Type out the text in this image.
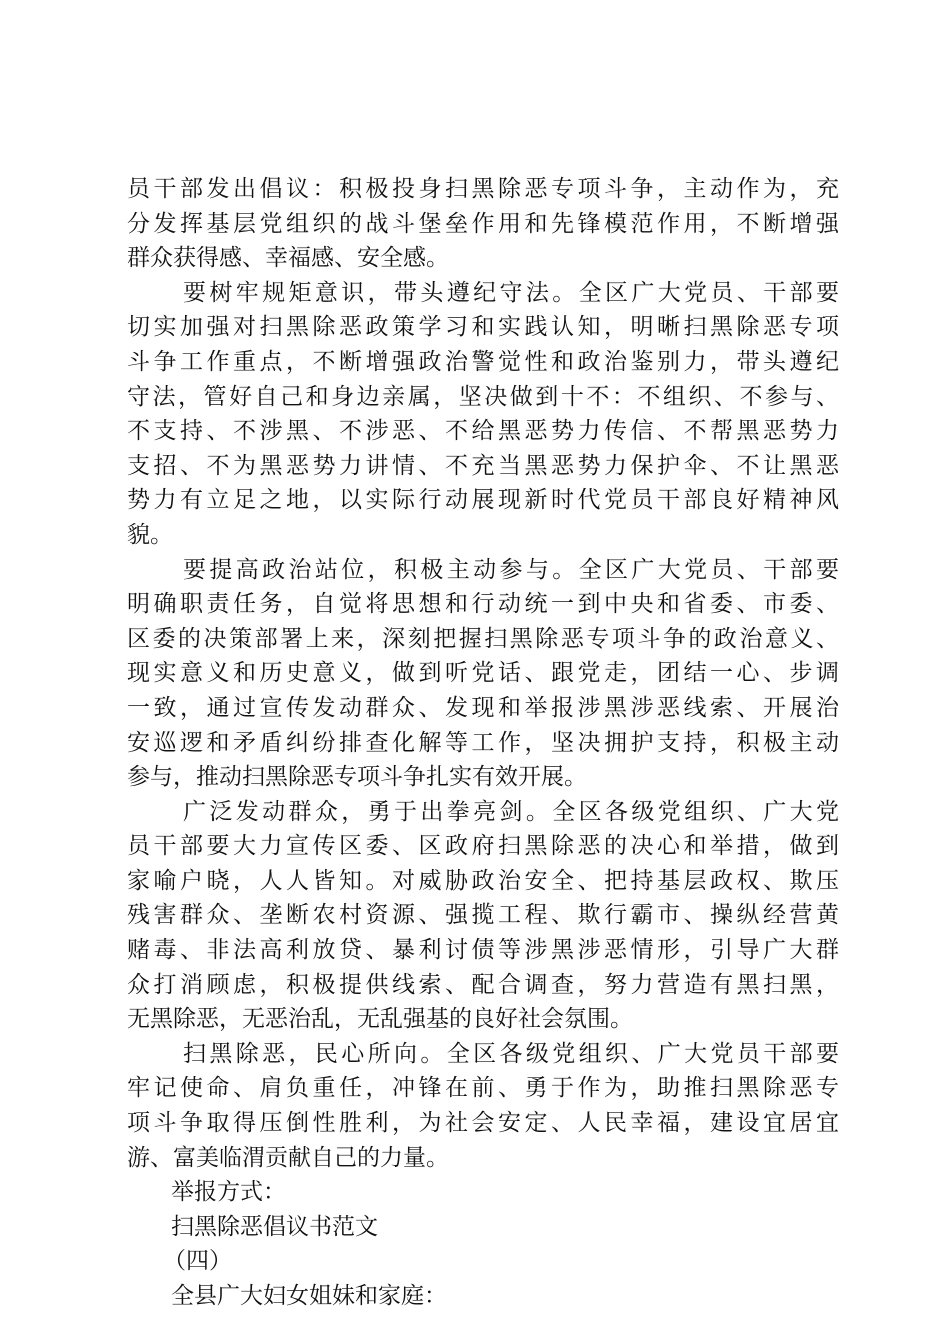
员干部发出倡议：积极投身扫黑除恶专项斗争，主动作为，充
分发挥基层党组织的战斗堡垒作用和先锋模范作用，不断增强
群众获得感、幸福感、安全感。
要树牢规矩意识，带头遵纪守法。全区广大党员、干部要
切实加强对扫黑除恶政策学习和实践认知，明晰扫黑除恶专项
斗争工作重点，不断增强政治警觉性和政治鉴别力，带头遵纪
守法，管好自己和身边亲属，坚决做到十不：不组织、不参与、
不支持、不涉黑、不涉恶、不给黑恶势力传信、不帮黑恶势力
支招、不为黑恶势力讲情、不充当黑恶势力保护伞、不让黑恶
势力有立足之地，以实际行动展现新时代党员干部良好精神风
貌。
要提高政治站位，积极主动参与。全区广大党员、干部要
明确职责任务，自觉将思想和行动统一到中央和省委、市委、
区委的决策部署上来，深刻把握扫黑除恶专项斗争的政治意义、
现实意义和历史意义，做到听党话、跟党走，团结一心、步调
一致，通过宣传发动群众、发现和举报涉黑涉恶线索、开展治
安巡逻和矛盾纠纷排查化解等工作，坚决拥护支持，积极主动
参与，推动扫黑除恶专项斗争扎实有效开展。
广泛发动群众，勇于出拳亮剑。全区各级党组织、广大党
员干部要大力宣传区委、区政府扫黑除恶的决心和举措，做到
家喻户晓，人人皆知。对威胁政治安全、把持基层政权、欺压
残害群众、垄断农村资源、强揽工程、欺行霸市、操纵经营黄
赌毒、非法高利放贷、暴利讨债等涉黑涉恶情形，引导广大群
众打消顾虑，积极提供线索、配合调查，努力营造有黑扫黑，
无黑除恶，无恶治乱，无乱强基的良好社会氛围。
扫黑除恶，民心所向。全区各级党组织、广大党员干部要
牢记使命、肩负重任，冲锋在前、勇于作为，助推扫黑除恶专
项斗争取得压倒性胜利，为社会安定、人民幸福，建设宜居宜
游、富美临渭贡献自己的力量。
举报方式：
扫黑除恶倡议书范文
（四）
全县广大妇女姐妹和家庭：
